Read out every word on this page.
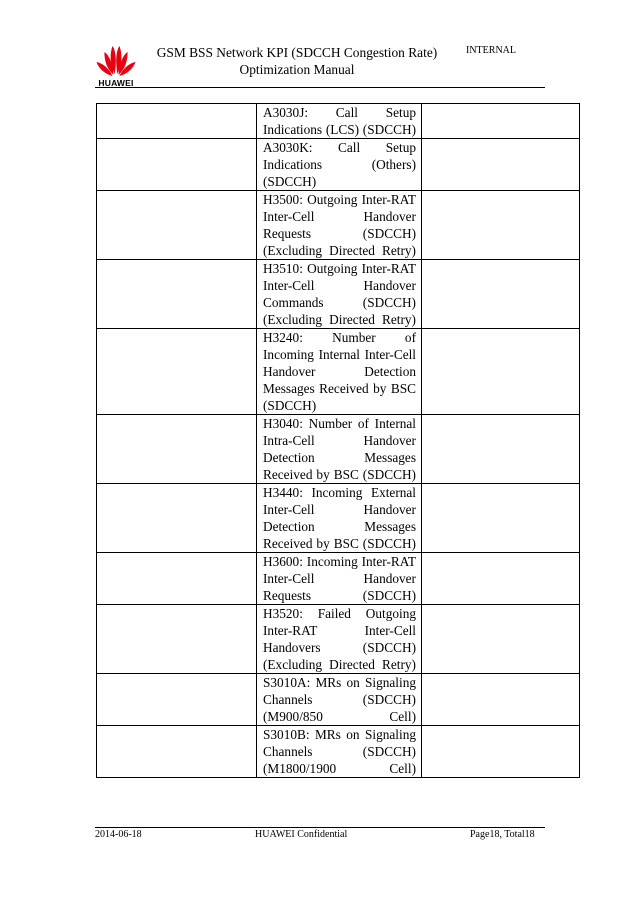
HUAWEI
GSM BSS Network KPI (SDCCH Congestion Rate)
Optimization Manual
INTERNAL

	A3030J: Call Setup Indications (LCS) (SDCCH)	

	A3030K: Call Setup Indications (Others) (SDCCH)	

	H3500: Outgoing Inter-RAT Inter-Cell Handover Requests (SDCCH) (Excluding Directed Retry)	

	H3510: Outgoing Inter-RAT Inter-Cell Handover Commands (SDCCH) (Excluding Directed Retry)	

	H3240: Number of Incoming Internal Inter-Cell Handover Detection Messages Received by BSC (SDCCH)	

	H3040: Number of Internal Intra-Cell Handover Detection Messages Received by BSC (SDCCH)	

	H3440: Incoming External Inter-Cell Handover Detection Messages Received by BSC (SDCCH)	

	H3600: Incoming Inter-RAT Inter-Cell Handover Requests (SDCCH)	

	H3520: Failed Outgoing Inter-RAT Inter-Cell Handovers (SDCCH) (Excluding Directed Retry)	

	S3010A: MRs on Signaling Channels (SDCCH) (M900/850 Cell)	

	S3010B: MRs on Signaling Channels (SDCCH) (M1800/1900 Cell)	

2014-06-18	HUAWEI Confidential	Page18, Total18
